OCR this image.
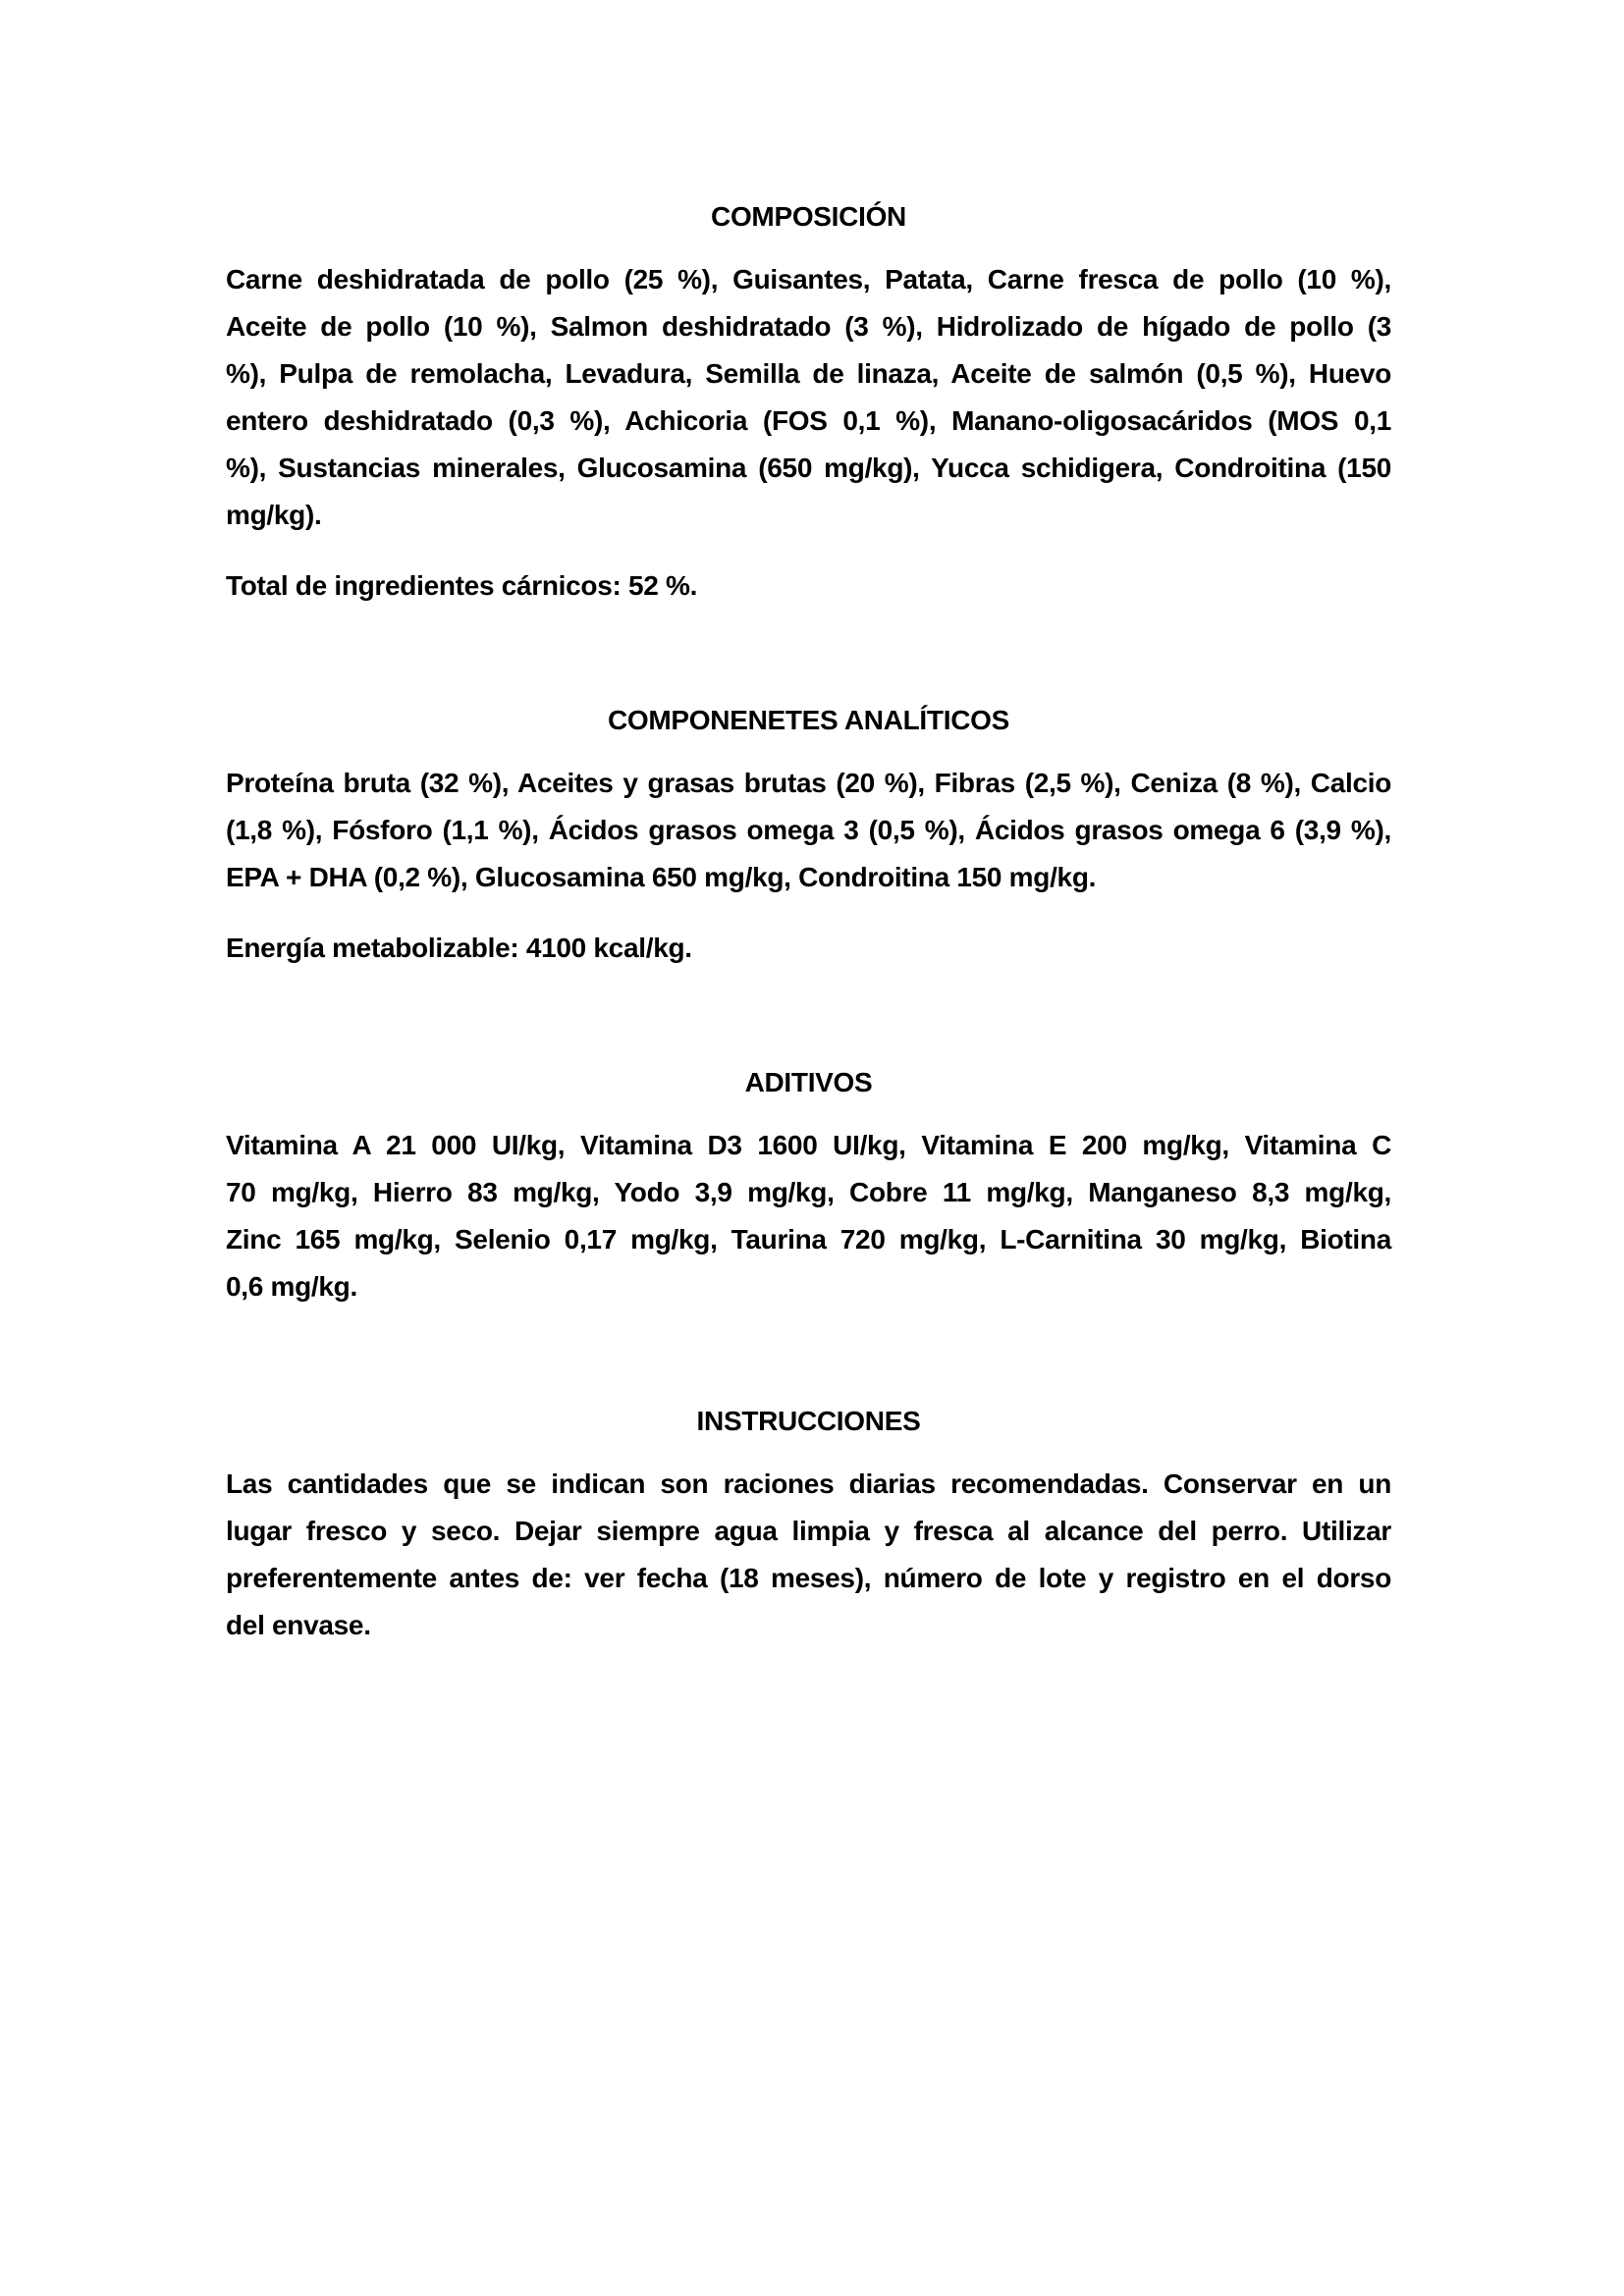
COMPOSICIÓN
Carne deshidratada de pollo (25 %), Guisantes, Patata, Carne fresca de pollo (10 %),
Aceite de pollo (10 %), Salmon deshidratado (3 %), Hidrolizado de hígado de pollo (3
%), Pulpa de remolacha, Levadura, Semilla de linaza, Aceite de salmón (0,5 %), Huevo
entero deshidratado (0,3 %), Achicoria (FOS 0,1 %), Manano-oligosacáridos (MOS 0,1
%), Sustancias minerales, Glucosamina (650 mg/kg), Yucca schidigera, Condroitina (150
mg/kg).
Total de ingredientes cárnicos: 52 %.
COMPONENETES ANALÍTICOS
Proteína bruta (32 %), Aceites y grasas brutas (20 %), Fibras (2,5 %), Ceniza (8 %), Calcio
(1,8 %), Fósforo (1,1 %), Ácidos grasos omega 3 (0,5 %), Ácidos grasos omega 6 (3,9 %),
EPA + DHA (0,2 %), Glucosamina 650 mg/kg, Condroitina 150 mg/kg.
Energía metabolizable: 4100 kcal/kg.
ADITIVOS
Vitamina A 21 000 UI/kg, Vitamina D3 1600 UI/kg, Vitamina E 200 mg/kg, Vitamina C
70 mg/kg, Hierro 83 mg/kg, Yodo 3,9 mg/kg, Cobre 11 mg/kg, Manganeso 8,3 mg/kg,
Zinc 165 mg/kg, Selenio 0,17 mg/kg, Taurina 720 mg/kg, L-Carnitina 30 mg/kg, Biotina
0,6 mg/kg.
INSTRUCCIONES
Las cantidades que se indican son raciones diarias recomendadas. Conservar en un
lugar fresco y seco. Dejar siempre agua limpia y fresca al alcance del perro. Utilizar
preferentemente antes de: ver fecha (18 meses), número de lote y registro en el dorso
del envase.
